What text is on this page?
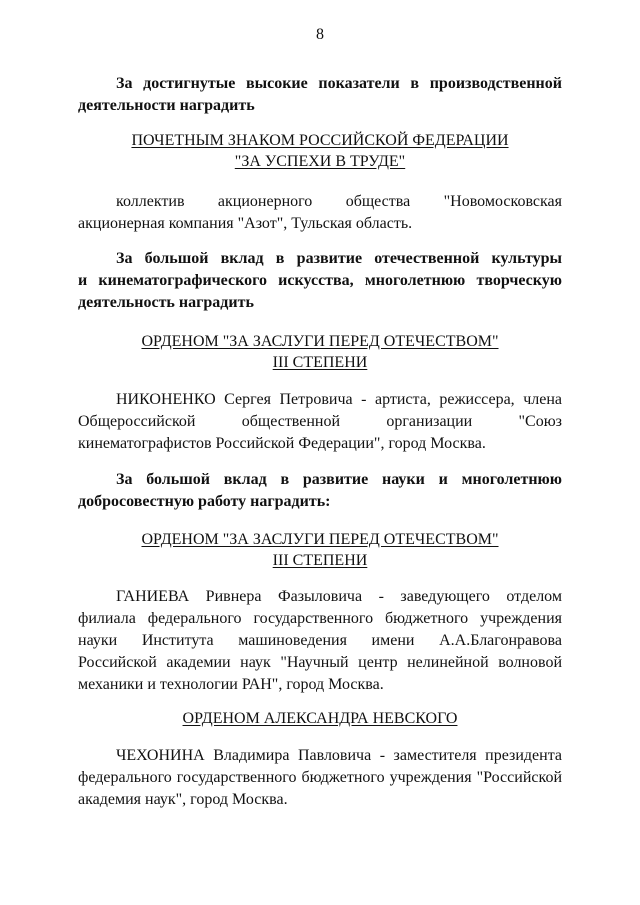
8
За достигнутые высокие показатели в производственной
деятельности наградить
ПОЧЕТНЫМ ЗНАКОМ РОССИЙСКОЙ ФЕДЕРАЦИИ
"ЗА УСПЕХИ В ТРУДЕ"
коллектив акционерного общества "Новомосковская
акционерная компания "Азот", Тульская область.
За большой вклад в развитие отечественной культуры
и кинематографического искусства, многолетнюю творческую
деятельность наградить
ОРДЕНОМ "ЗА ЗАСЛУГИ ПЕРЕД ОТЕЧЕСТВОМ"
III СТЕПЕНИ
НИКОНЕНКО Сергея Петровича - артиста, режиссера, члена
Общероссийской общественной организации "Союз
кинематографистов Российской Федерации", город Москва.
За большой вклад в развитие науки и многолетнюю
добросовестную работу наградить:
ОРДЕНОМ "ЗА ЗАСЛУГИ ПЕРЕД ОТЕЧЕСТВОМ"
III СТЕПЕНИ
ГАНИЕВА Ривнера Фазыловича - заведующего отделом
филиала федерального государственного бюджетного учреждения
науки Института машиноведения имени А.А.Благонравова
Российской академии наук "Научный центр нелинейной волновой
механики и технологии РАН", город Москва.
ОРДЕНОМ АЛЕКСАНДРА НЕВСКОГО
ЧЕХОНИНА Владимира Павловича - заместителя президента
федерального государственного бюджетного учреждения "Российской
академия наук", город Москва.
